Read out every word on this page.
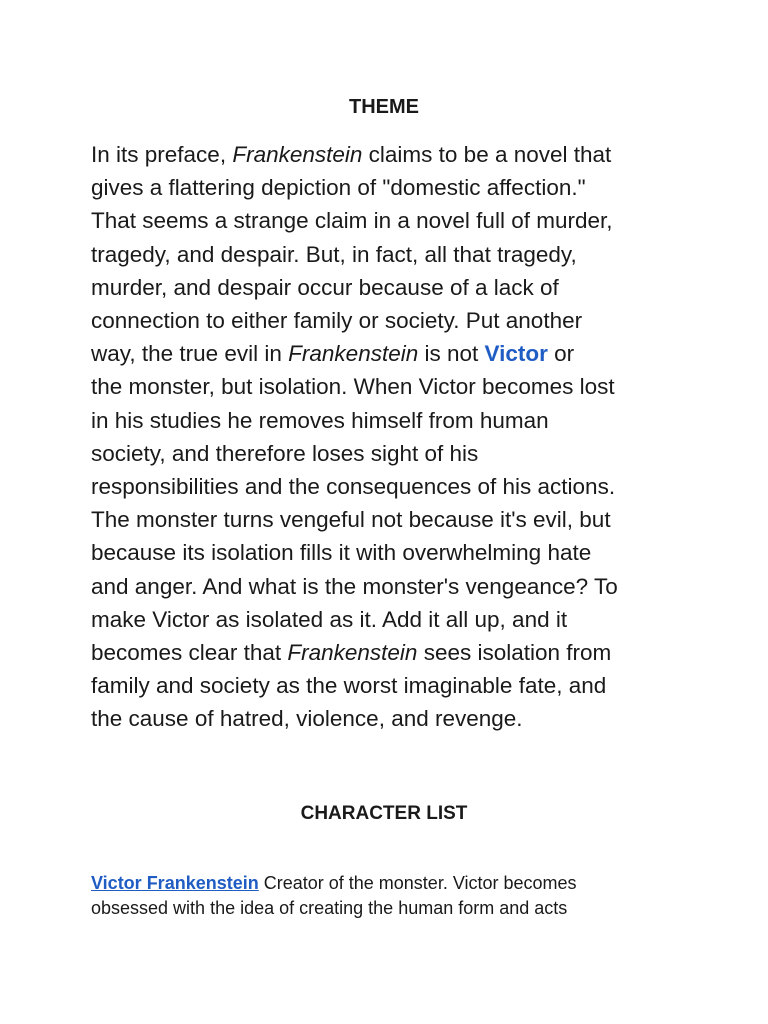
THEME

In its preface, Frankenstein claims to be a novel that
gives a flattering depiction of "domestic affection."
That seems a strange claim in a novel full of murder,
tragedy, and despair. But, in fact, all that tragedy,
murder, and despair occur because of a lack of
connection to either family or society. Put another
way, the true evil in Frankenstein is not Victor or
the monster, but isolation. When Victor becomes lost
in his studies he removes himself from human
society, and therefore loses sight of his
responsibilities and the consequences of his actions.
The monster turns vengeful not because it's evil, but
because its isolation fills it with overwhelming hate
and anger. And what is the monster's vengeance? To
make Victor as isolated as it. Add it all up, and it
becomes clear that Frankenstein sees isolation from
family and society as the worst imaginable fate, and
the cause of hatred, violence, and revenge.

CHARACTER LIST

Victor Frankenstein Creator of the monster. Victor becomes
obsessed with the idea of creating the human form and acts
